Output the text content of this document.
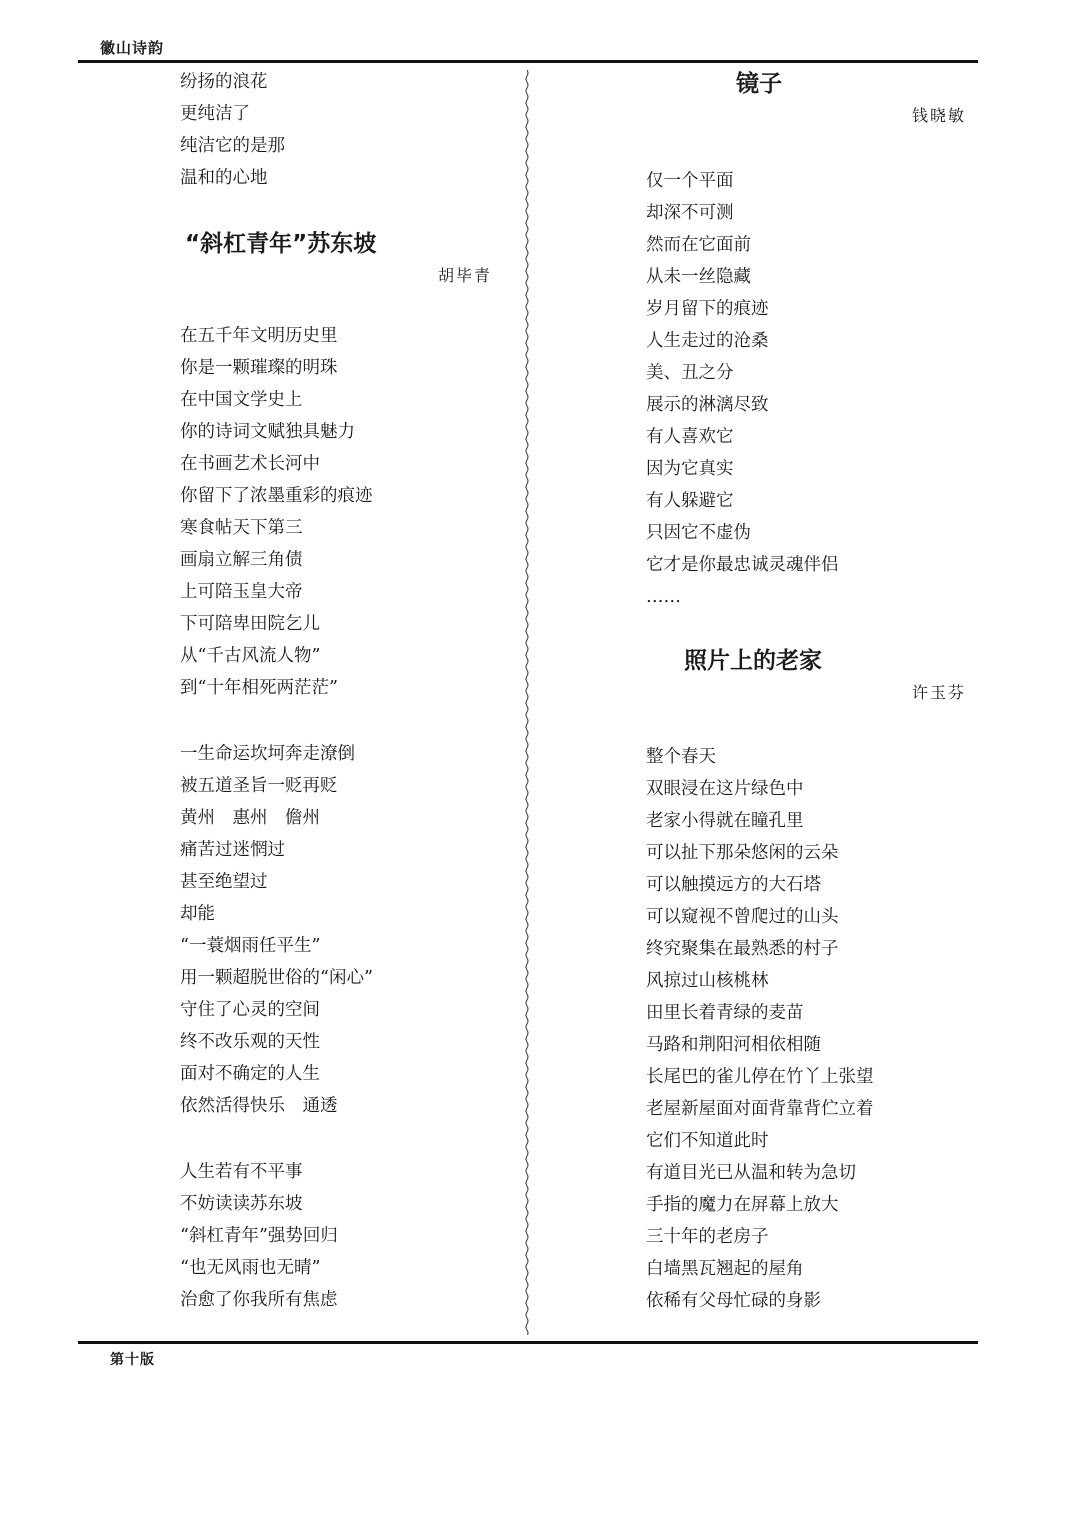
徽山诗韵
纷扬的浪花
更纯洁了
纯洁它的是那
温和的心地
“斜杠青年”苏东坡
胡毕青
在五千年文明历史里
你是一颗璀璨的明珠
在中国文学史上
你的诗词文赋独具魅力
在书画艺术长河中
你留下了浓墨重彩的痕迹
寒食帖天下第三
画扇立解三角债
上可陪玉皇大帝
下可陪卑田院乞儿
从“千古风流人物”
到“十年相死两茫茫”
一生命运坎坷奔走潦倒
被五道圣旨一贬再贬
黄州　惠州　儋州
痛苦过迷惘过
甚至绝望过
却能
“一蓑烟雨任平生”
用一颗超脱世俗的“闲心”
守住了心灵的空间
终不改乐观的天性
面对不确定的人生
依然活得快乐　通透
人生若有不平事
不妨读读苏东坡
“斜杠青年”强势回归
“也无风雨也无晴”
治愈了你我所有焦虑
镜子
钱晓敏
仅一个平面
却深不可测
然而在它面前
从未一丝隐藏
岁月留下的痕迹
人生走过的沧桑
美、丑之分
展示的淋漓尽致
有人喜欢它
因为它真实
有人躲避它
只因它不虚伪
它才是你最忠诚灵魂伴侣
……
照片上的老家
许玉芬
整个春天
双眼浸在这片绿色中
老家小得就在瞳孔里
可以扯下那朵悠闲的云朵
可以触摸远方的大石塔
可以窥视不曾爬过的山头
终究聚集在最熟悉的村子
风掠过山核桃林
田里长着青绿的麦苗
马路和荆阳河相依相随
长尾巴的雀儿停在竹丫上张望
老屋新屋面对面背靠背伫立着
它们不知道此时
有道目光已从温和转为急切
手指的魔力在屏幕上放大
三十年的老房子
白墙黑瓦翘起的屋角
依稀有父母忙碌的身影
第十版
